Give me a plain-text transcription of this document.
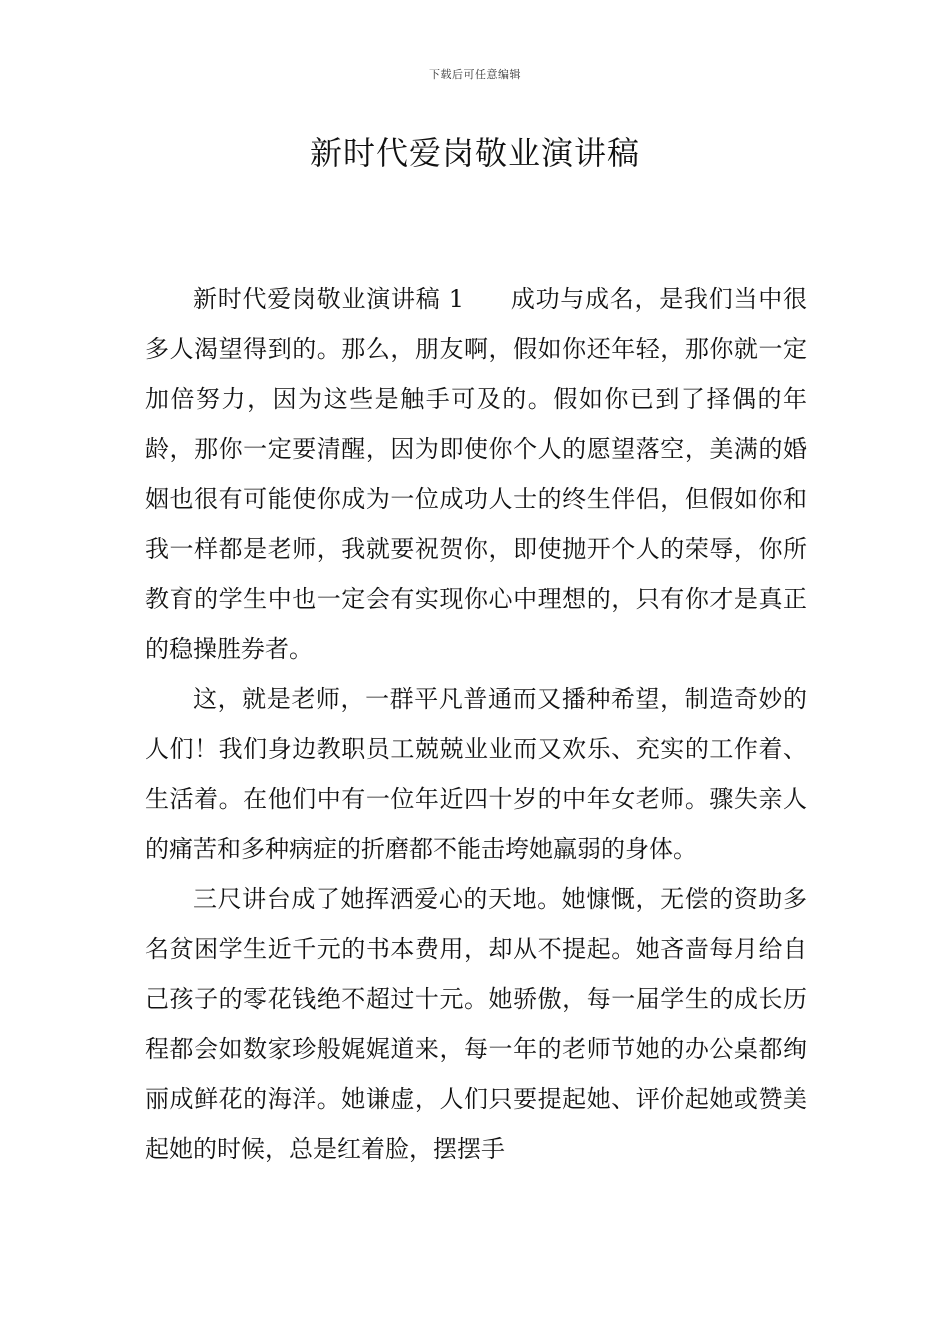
下载后可任意编辑
新时代爱岗敬业演讲稿

新时代爱岗敬业演讲稿 1 成功与成名，是我们当中很多人渴望得到的。那么，朋友啊，假如你还年轻，那你就一定加倍努力，因为这些是触手可及的。假如你已到了择偶的年龄，那你一定要清醒，因为即使你个人的愿望落空，美满的婚姻也很有可能使你成为一位成功人士的终生伴侣，但假如你和我一样都是老师，我就要祝贺你，即使抛开个人的荣辱，你所教育的学生中也一定会有实现你心中理想的，只有你才是真正的稳操胜券者。

这，就是老师，一群平凡普通而又播种希望，制造奇妙的人们！我们身边教职员工兢兢业业而又欢乐、充实的工作着、生活着。在他们中有一位年近四十岁的中年女老师。骤失亲人的痛苦和多种病症的折磨都不能击垮她羸弱的身体。

三尺讲台成了她挥洒爱心的天地。她慷慨，无偿的资助多名贫困学生近千元的书本费用，却从不提起。她吝啬每月给自己孩子的零花钱绝不超过十元。她骄傲，每一届学生的成长历程都会如数家珍般娓娓道来，每一年的老师节她的办公桌都绚丽成鲜花的海洋。她谦虚，人们只要提起她、评价起她或赞美起她的时候，总是红着脸，摆摆手
